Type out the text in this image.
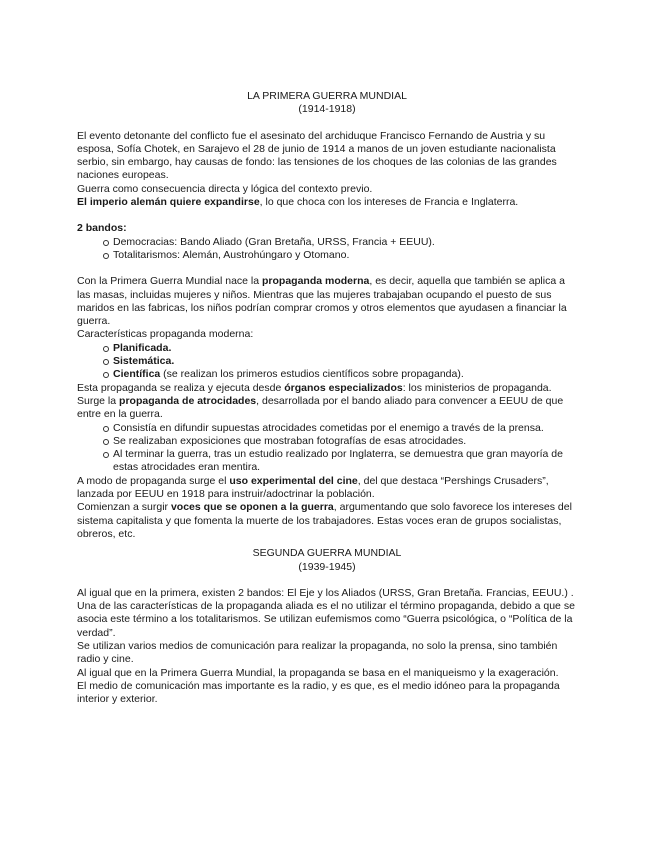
LA PRIMERA GUERRA MUNDIAL

(1914-1918)

El evento detonante del conflicto fue el asesinato del archiduque Francisco Fernando de Austria y su esposa, Sofía Chotek, en Sarajevo el 28 de junio de 1914 a manos de un joven estudiante nacionalista serbio, sin embargo, hay causas de fondo: las tensiones de los choques de las colonias de las grandes naciones europeas.

Guerra como consecuencia directa y lógica del contexto previo.

El imperio alemán quiere expandirse, lo que choca con los intereses de Francia e Inglaterra.

2 bandos:

Democracias: Bando Aliado (Gran Bretaña, URSS, Francia + EEUU).
Totalitarismos: Alemán, Austrohúngaro y Otomano.

Con la Primera Guerra Mundial nace la propaganda moderna, es decir, aquella que también se aplica a las masas, incluidas mujeres y niños. Mientras que las mujeres trabajaban ocupando el puesto de sus maridos en las fabricas, los niños podrían comprar cromos y otros elementos que ayudasen a financiar la guerra.

Características propaganda moderna:

Planificada.
Sistemática.
Científica (se realizan los primeros estudios científicos sobre propaganda).

Esta propaganda se realiza y ejecuta desde órganos especializados: los ministerios de propaganda.

Surge la propaganda de atrocidades, desarrollada por el bando aliado para convencer a EEUU de que entre en la guerra.

Consistía en difundir supuestas atrocidades cometidas por el enemigo a través de la prensa.
Se realizaban exposiciones que mostraban fotografías de esas atrocidades.
Al terminar la guerra, tras un estudio realizado por Inglaterra, se demuestra que gran mayoría de estas atrocidades eran mentira.

A modo de propaganda surge el uso experimental del cine, del que destaca “Pershings Crusaders”, lanzada por EEUU en 1918 para instruir/adoctrinar la población.

Comienzan a surgir voces que se oponen a la guerra, argumentando que solo favorece los intereses del sistema capitalista y que fomenta la muerte de los trabajadores. Estas voces eran de grupos socialistas, obreros, etc.

SEGUNDA GUERRA MUNDIAL

(1939-1945)

Al igual que en la primera, existen 2 bandos: El Eje y los Aliados (URSS, Gran Bretaña. Francias, EEUU.) .

Una de las características de la propaganda aliada es el no utilizar el término propaganda, debido a que se asocia este término a los totalitarismos. Se utilizan eufemismos como “Guerra psicológica, o “Política de la verdad”.

Se utilizan varios medios de comunicación para realizar la propaganda, no solo la prensa, sino también radio y cine.

Al igual que en la Primera Guerra Mundial, la propaganda se basa en el maniqueismo y la exageración.

El medio de comunicación mas importante es la radio, y es que, es el medio idóneo para la propaganda interior y exterior.
